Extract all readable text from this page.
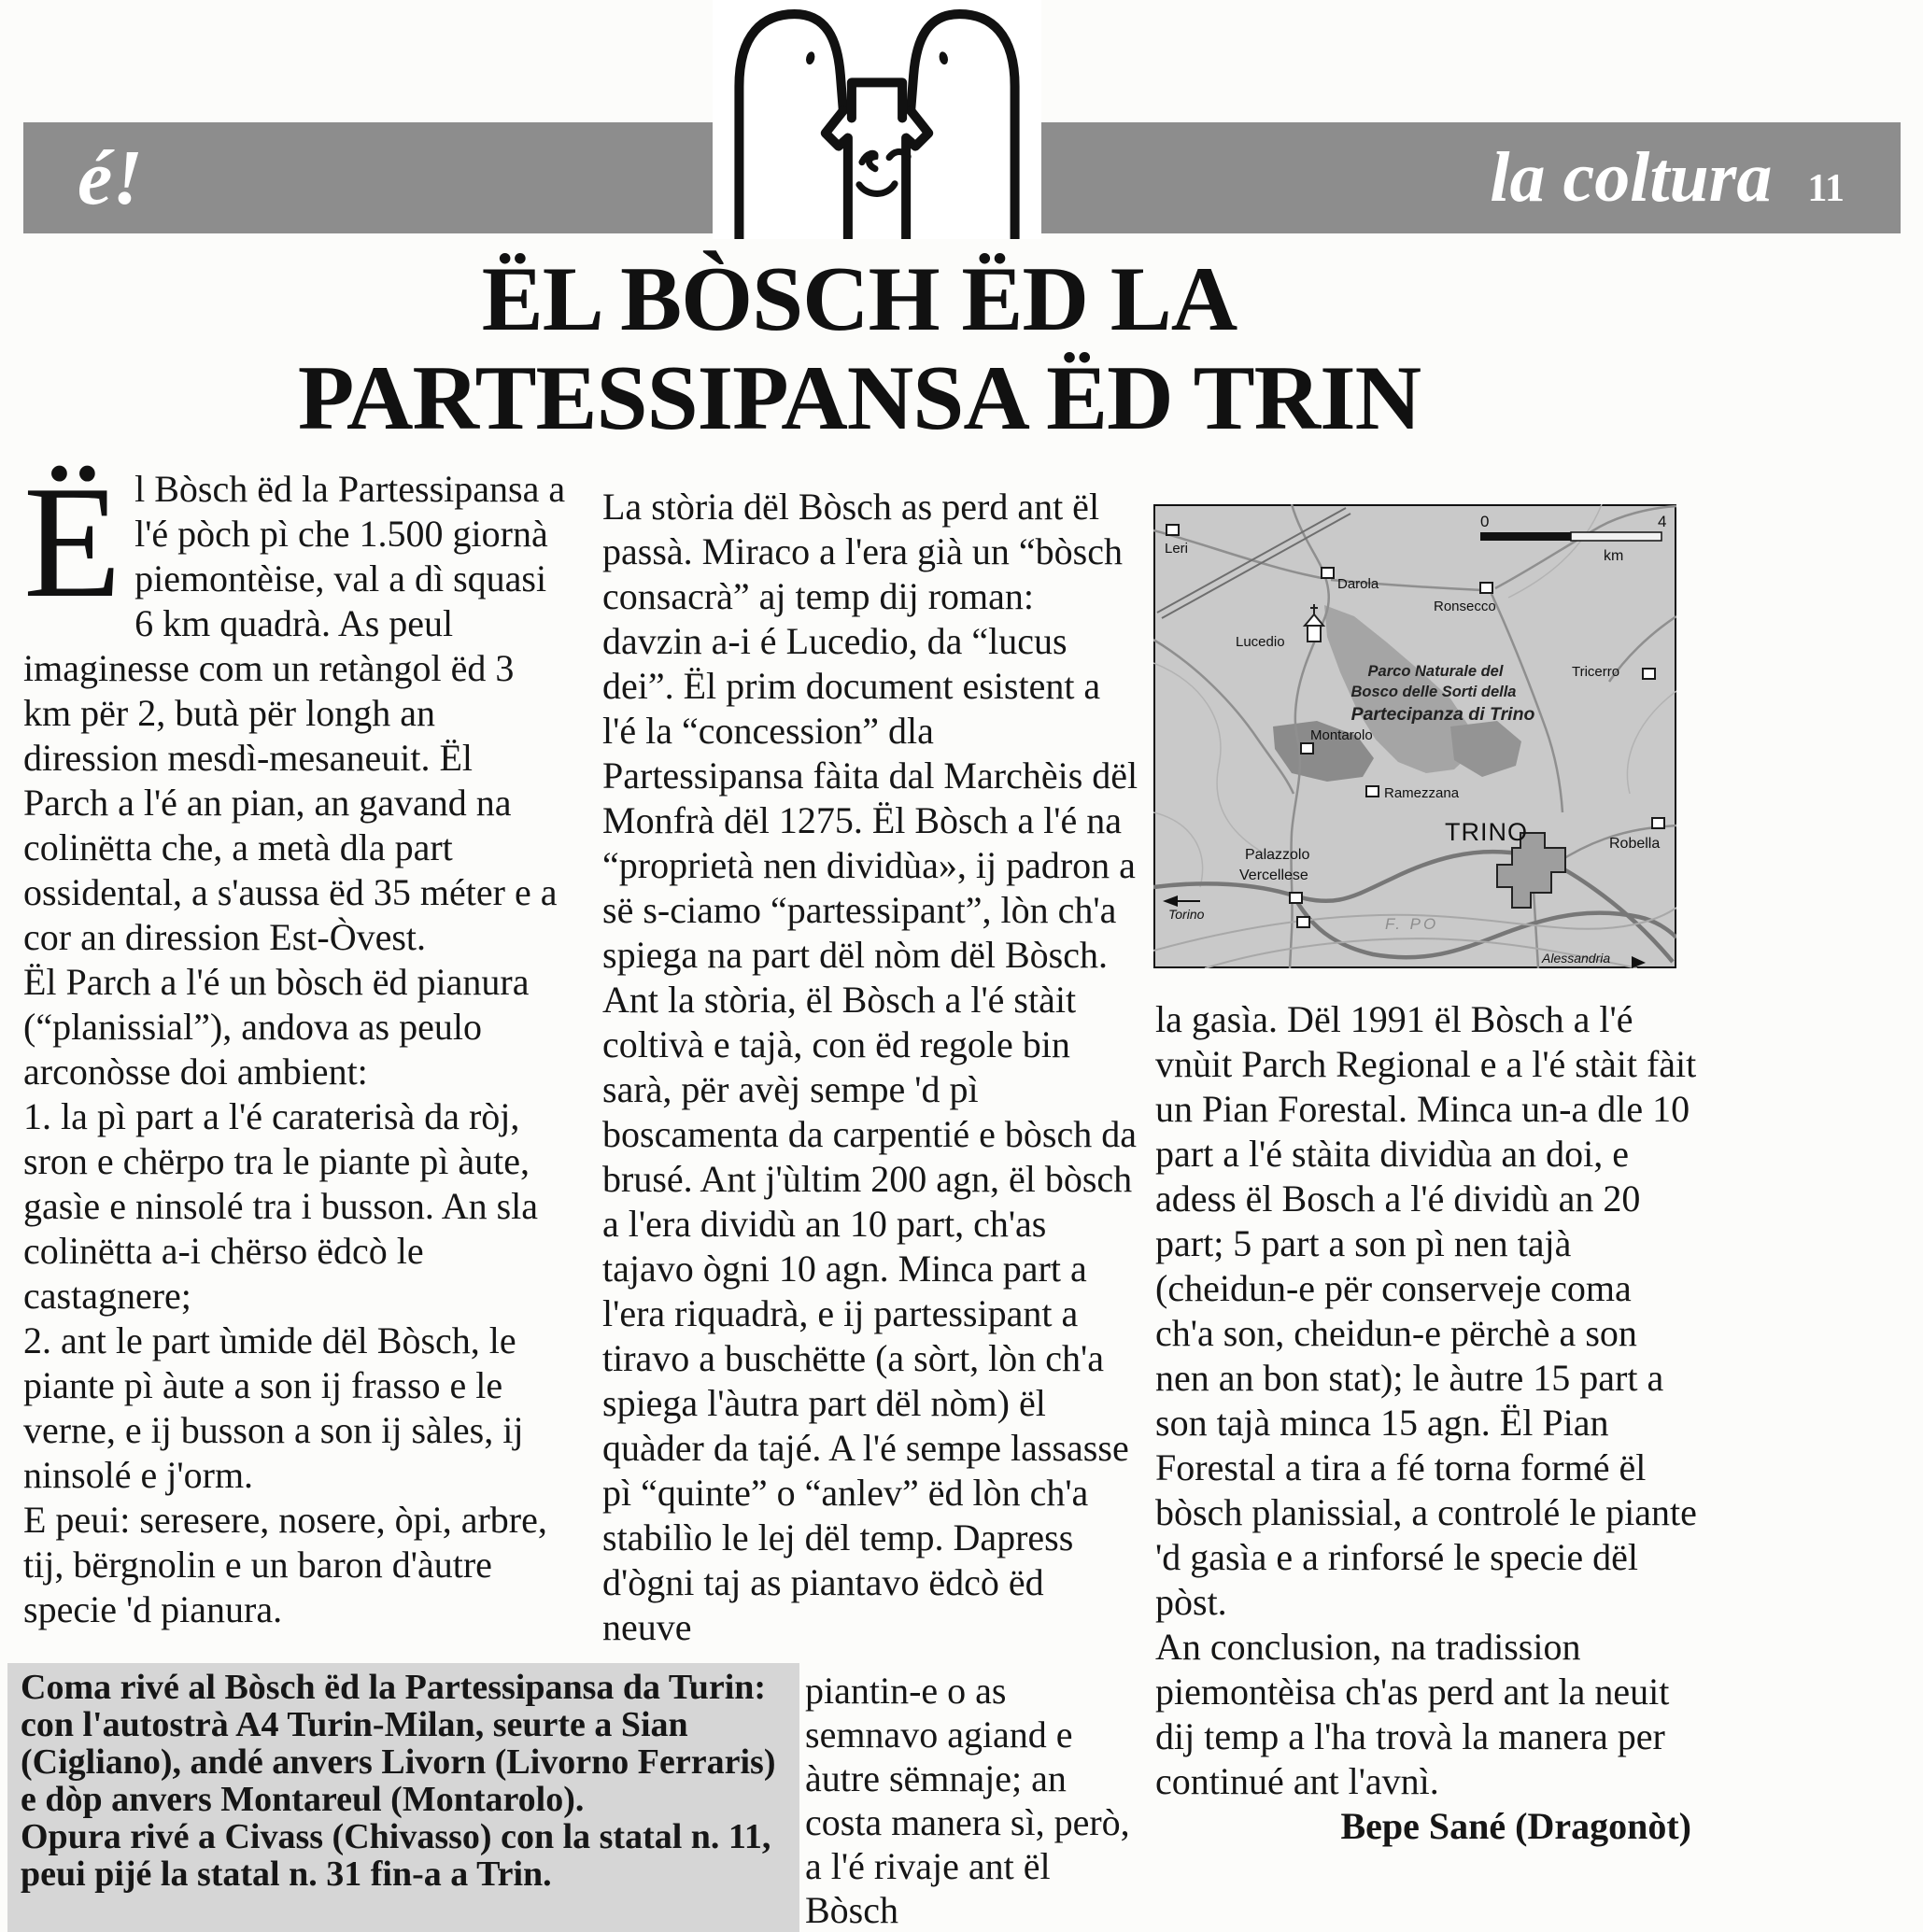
é!	la coltura 11
ËL BÒSCH ËD LA
PARTESSIPANSA ËD TRIN

Ël Bòsch ëd la Partessipansa a l'é pòch pì che 1.500 giornà piemontèise, val a dì squasi 6 km quadrà. As peul imaginesse com un retàngol ëd 3 km për 2, butà për longh an diression mesdì-mesaneuit. Ël Parch a l'é an pian, an gavand na colinëtta che, a metà dla part ossidental, a s'aussa ëd 35 méter e a cor an diression Est-Òvest.

Ël Parch a l'é un bòsch ëd pianura (“planissial”), andova as peulo arconòsse doi ambient:

1. la pì part a l'é caraterisà da ròj, sron e chërpo tra le piante pì àute, gasìe e ninsolé tra i busson. An sla colinëtta a-i chërso ëdcò le castagnere;

2. ant le part ùmide dël Bòsch, le piante pì àute a son ij frasso e le verne, e ij busson a son ij sàles, ij ninsolé e j'orm.

E peui: seresere, nosere, òpi, arbre, tij, bërgnolin e un baron d'àutre specie 'd pianura.

La stòria dël Bòsch as perd ant ël passà. Miraco a l'era già un “bòsch consacrà” aj temp dij roman: davzin a-i é Lucedio, da “lucus dei”. Ël prim document esistent a l'é la “concession” dla Partessipansa fàita dal Marchèis dël Monfrà dël 1275. Ël Bòsch a l'é na “proprietà nen dividùa», ij padron a së s-ciamo “partessipant”, lòn ch'a spiega na part dël nòm dël Bòsch. Ant la stòria, ël Bòsch a l'é stàit coltivà e tajà, con ëd regole bin sarà, për avèj sempe 'd pì boscamenta da carpentié e bòsch da brusé. Ant j'ùltim 200 agn, ël bòsch a l'era dividù an 10 part, ch'as tajavo ògni 10 agn. Minca part a l'era riquadrà, e ij partessipant a tiravo a buschëtte (a sòrt, lòn ch'a spiega l'àutra part dël nòm) ël quàder da tajé. A l'é sempe lassasse pì “quinte” o “anlev” ëd lòn ch'a stabilìo le lej dël temp. Dapress d'ògni taj as piantavo ëdcò ëd neuve

piantin-e o as semnavo agiand e àutre sëmnaje; an costa manera sì, però, a l'é rivaje ant ël Bòsch

0	4
km
Leri
Darola
Ronsecco
Lucedio
Tricerro
Montarolo
Ramezzana
TRINO	Robella
Palazzolo
Vercellese
Torino
F. PO
Alessandria
Parco Naturale del
Bosco delle Sorti della
Partecipanza di Trino

la gasìa. Dël 1991 ël Bòsch a l'é vnùit Parch Regional e a l'é stàit fàit un Pian Forestal. Minca un-a dle 10 part a l'é stàita dividùa an doi, e adess ël Bosch a l'é dividù an 20 part; 5 part a son pì nen tajà (cheidun-e për conserveje coma ch'a son, cheidun-e përchè a son nen an bon stat); le àutre 15 part a son tajà minca 15 agn. Ël Pian Forestal a tira a fé torna formé ël bòsch planissial, a controlé le piante 'd gasìa e a rinforsé le specie dël pòst.

An conclusion, na tradission piemontèisa ch'as perd ant la neuit dij temp a l'ha trovà la manera per continué ant l'avnì.

Bepe Sané (Dragonòt)

Coma rivé al Bòsch ëd la Partessipansa da Turin:

con l'autostrà A4 Turin-Milan, seurte a Sian (Cigliano), andé anvers Livorn (Livorno Ferraris) e dòp anvers Montareul (Montarolo).

Opura rivé a Civass (Chivasso) con la statal n. 11, peui pijé la statal n. 31 fin-a a Trin.
